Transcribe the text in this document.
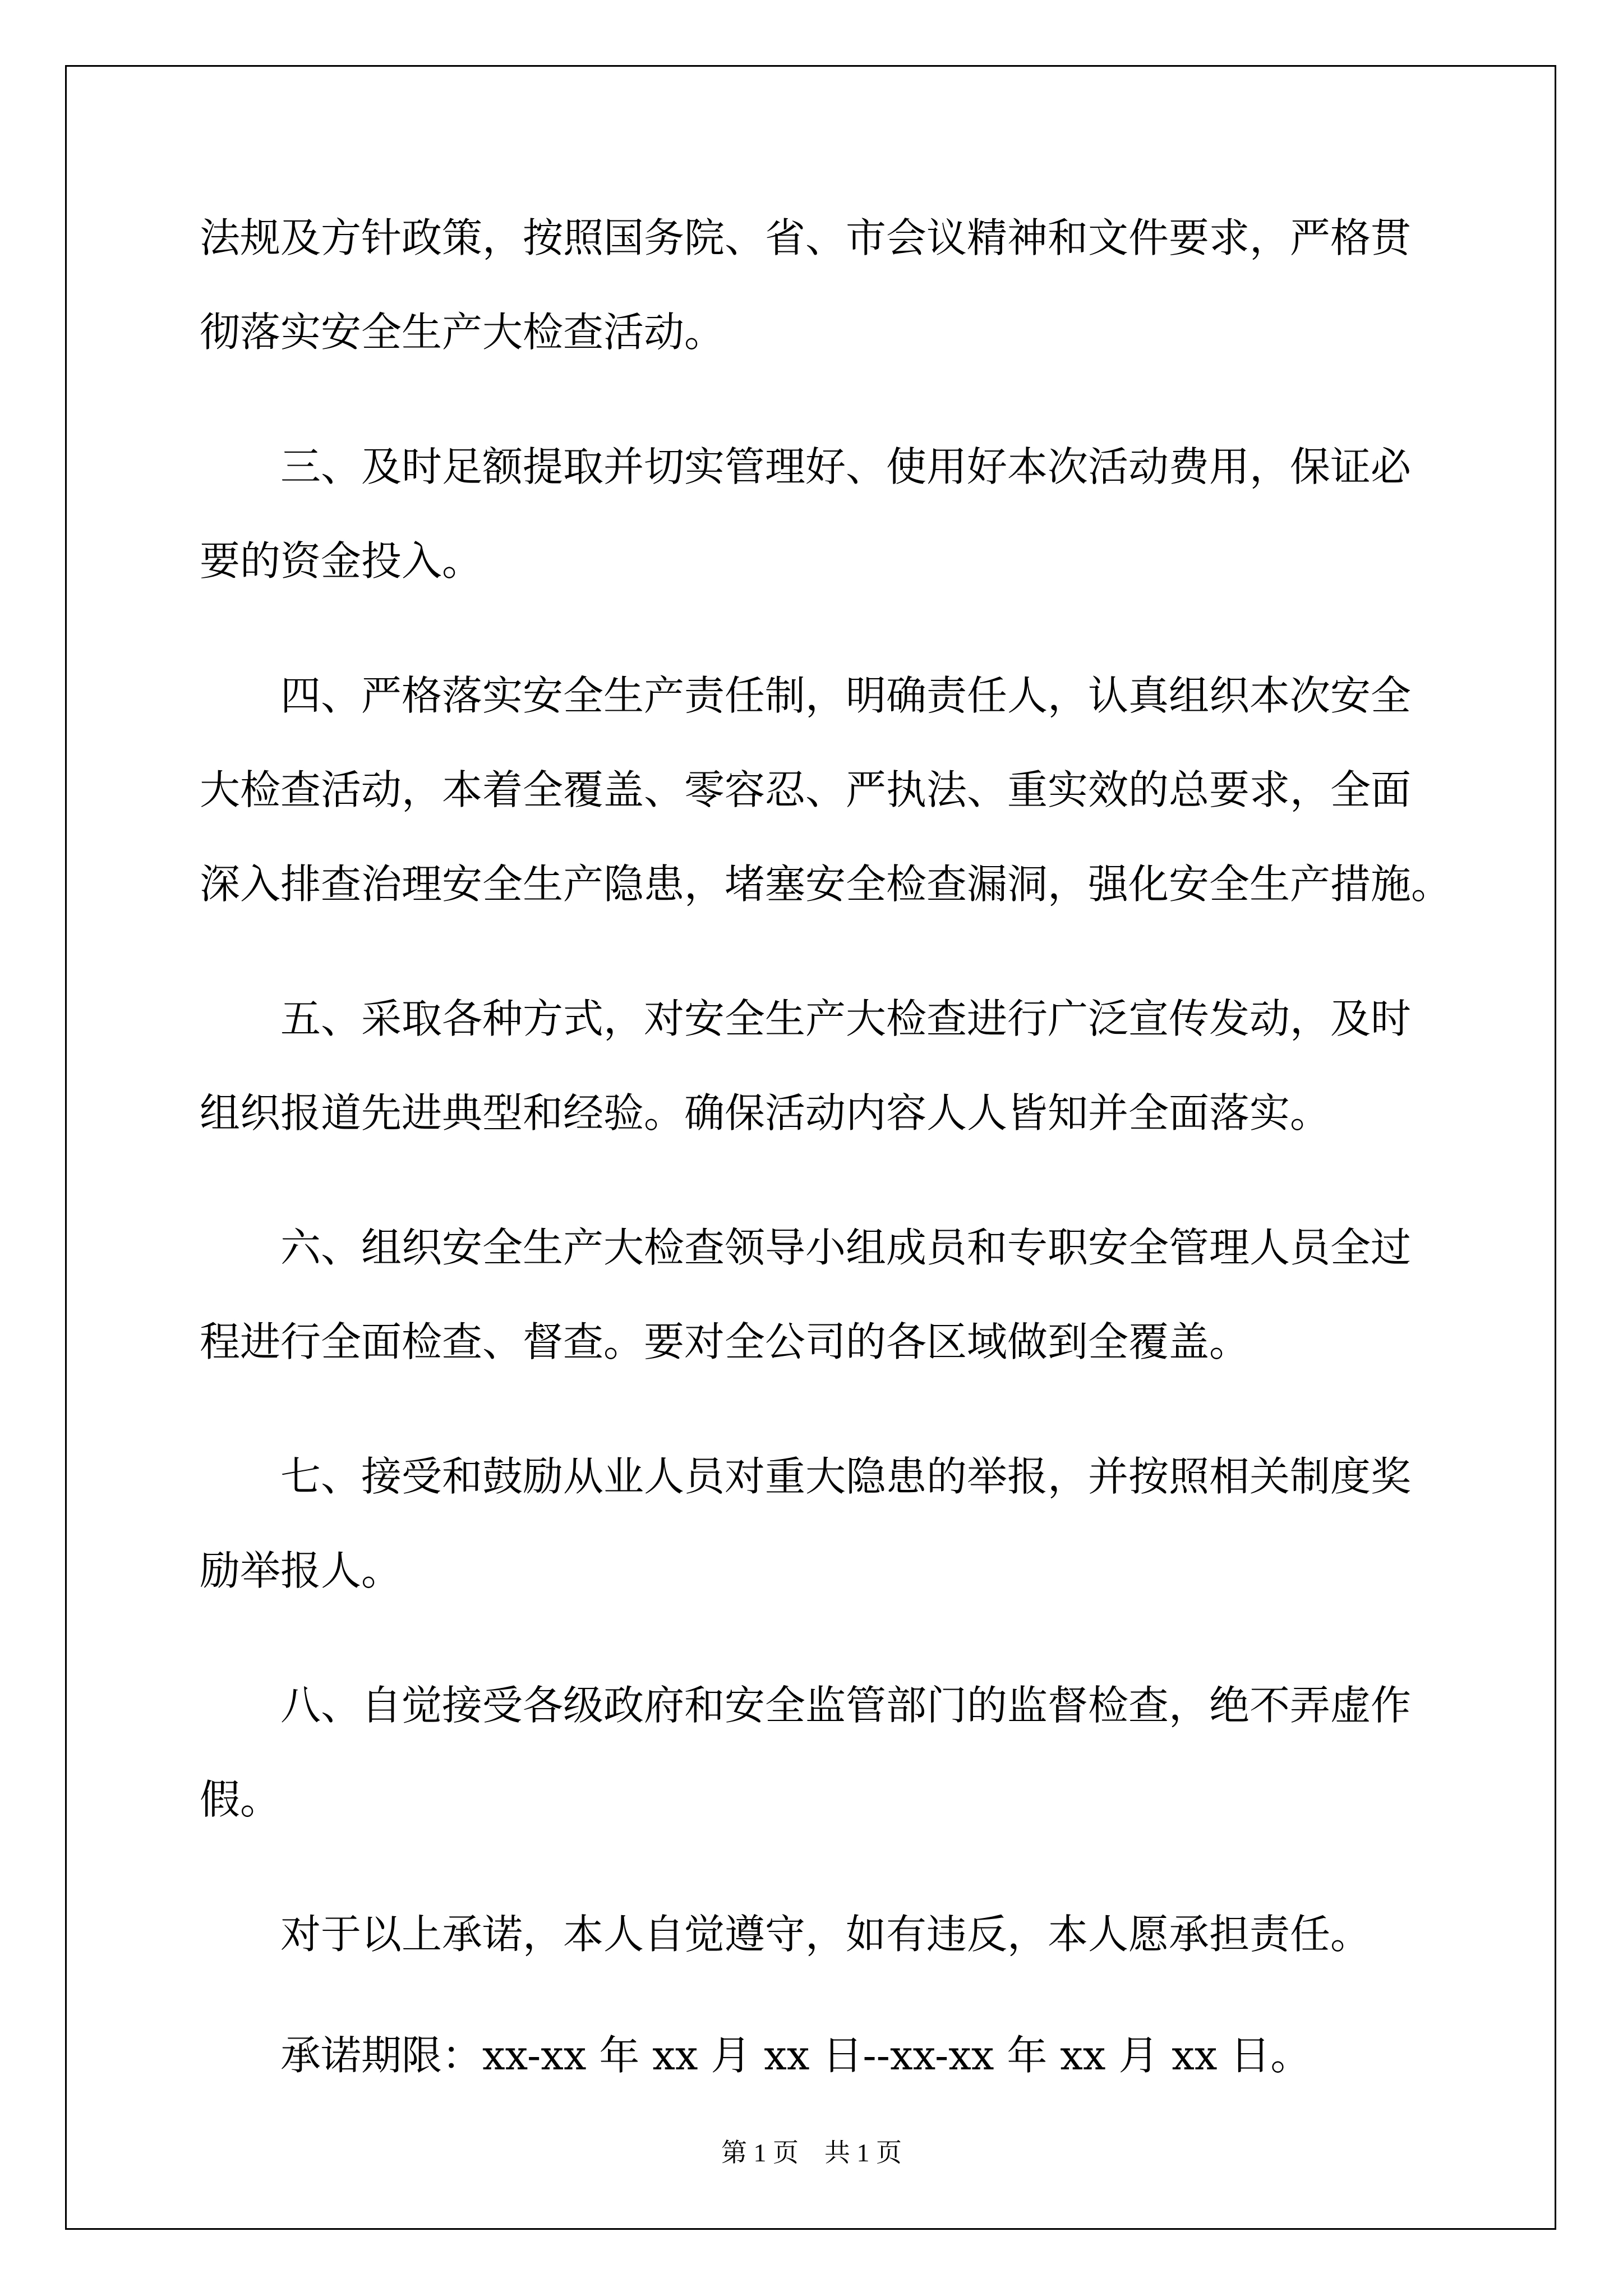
法规及方针政策，按照国务院、省、市会议精神和文件要求，严格贯
彻落实安全生产大检查活动。
三、及时足额提取并切实管理好、使用好本次活动费用，保证必
要的资金投入。
四、严格落实安全生产责任制，明确责任人，认真组织本次安全
大检查活动，本着全覆盖、零容忍、严执法、重实效的总要求，全面
深入排查治理安全生产隐患，堵塞安全检查漏洞，强化安全生产措施。
五、采取各种方式，对安全生产大检查进行广泛宣传发动，及时
组织报道先进典型和经验。确保活动内容人人皆知并全面落实。
六、组织安全生产大检查领导小组成员和专职安全管理人员全过
程进行全面检查、督查。要对全公司的各区域做到全覆盖。
七、接受和鼓励从业人员对重大隐患的举报，并按照相关制度奖
励举报人。
八、自觉接受各级政府和安全监管部门的监督检查，绝不弄虚作
假。
对于以上承诺，本人自觉遵守，如有违反，本人愿承担责任。
承诺期限：xx-xx 年 xx 月 xx 日--xx-xx 年 xx 月 xx 日。
第 1 页　共 1 页
